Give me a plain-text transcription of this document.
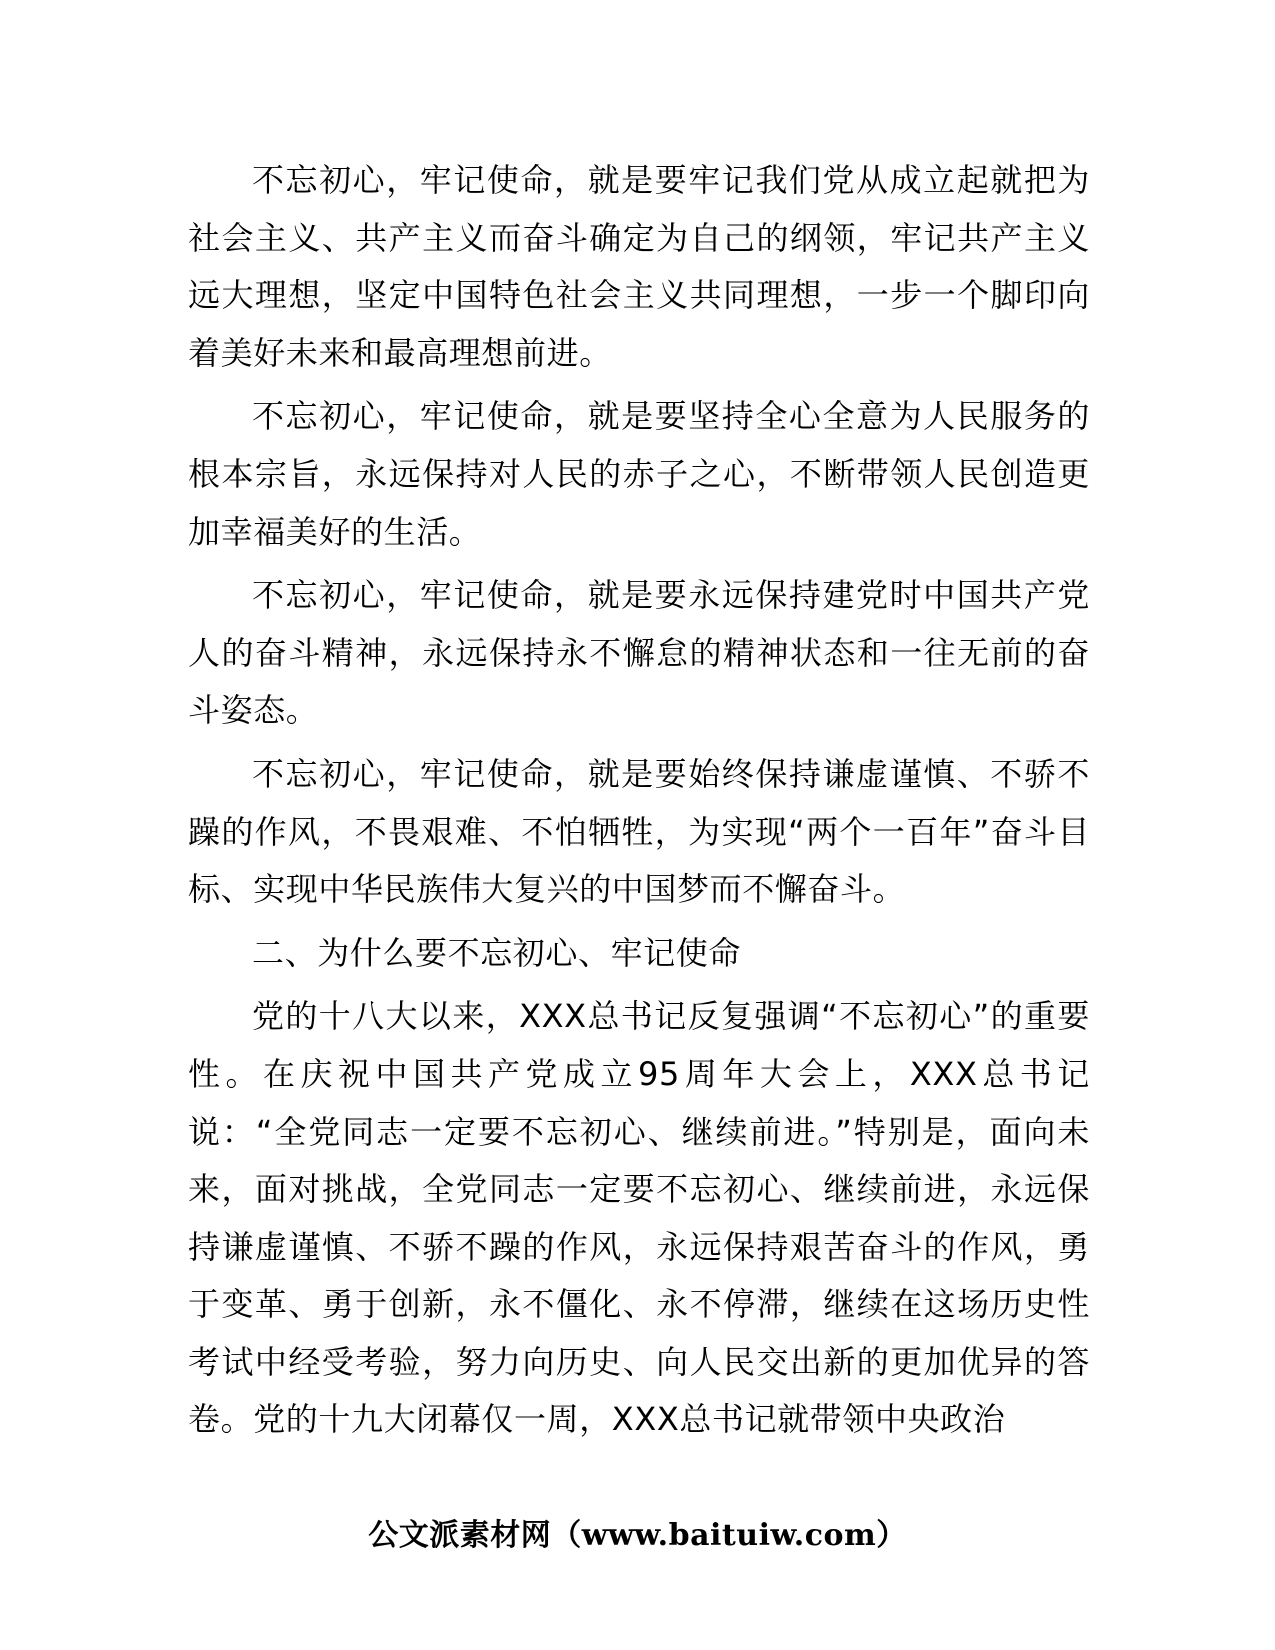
不忘初心，牢记使命，就是要牢记我们党从成立起就把为社会主义、共产主义而奋斗确定为自己的纲领，牢记共产主义远大理想，坚定中国特色社会主义共同理想，一步一个脚印向着美好未来和最高理想前进。

不忘初心，牢记使命，就是要坚持全心全意为人民服务的根本宗旨，永远保持对人民的赤子之心，不断带领人民创造更加幸福美好的生活。

不忘初心，牢记使命，就是要永远保持建党时中国共产党人的奋斗精神，永远保持永不懈怠的精神状态和一往无前的奋斗姿态。

不忘初心，牢记使命，就是要始终保持谦虚谨慎、不骄不躁的作风，不畏艰难、不怕牺牲，为实现“两个一百年”奋斗目标、实现中华民族伟大复兴的中国梦而不懈奋斗。

二、为什么要不忘初心、牢记使命

党的十八大以来，XXX总书记反复强调“不忘初心”的重要性。在庆祝中国共产党成立95周年大会上，XXX总书记说：“全党同志一定要不忘初心、继续前进。”特别是，面向未来，面对挑战，全党同志一定要不忘初心、继续前进，永远保持谦虚谨慎、不骄不躁的作风，永远保持艰苦奋斗的作风，勇于变革、勇于创新，永不僵化、永不停滞，继续在这场历史性考试中经受考验，努力向历史、向人民交出新的更加优异的答卷。党的十九大闭幕仅一周，XXX总书记就带领中央政治

公文派素材网（www.baituiw.com）
